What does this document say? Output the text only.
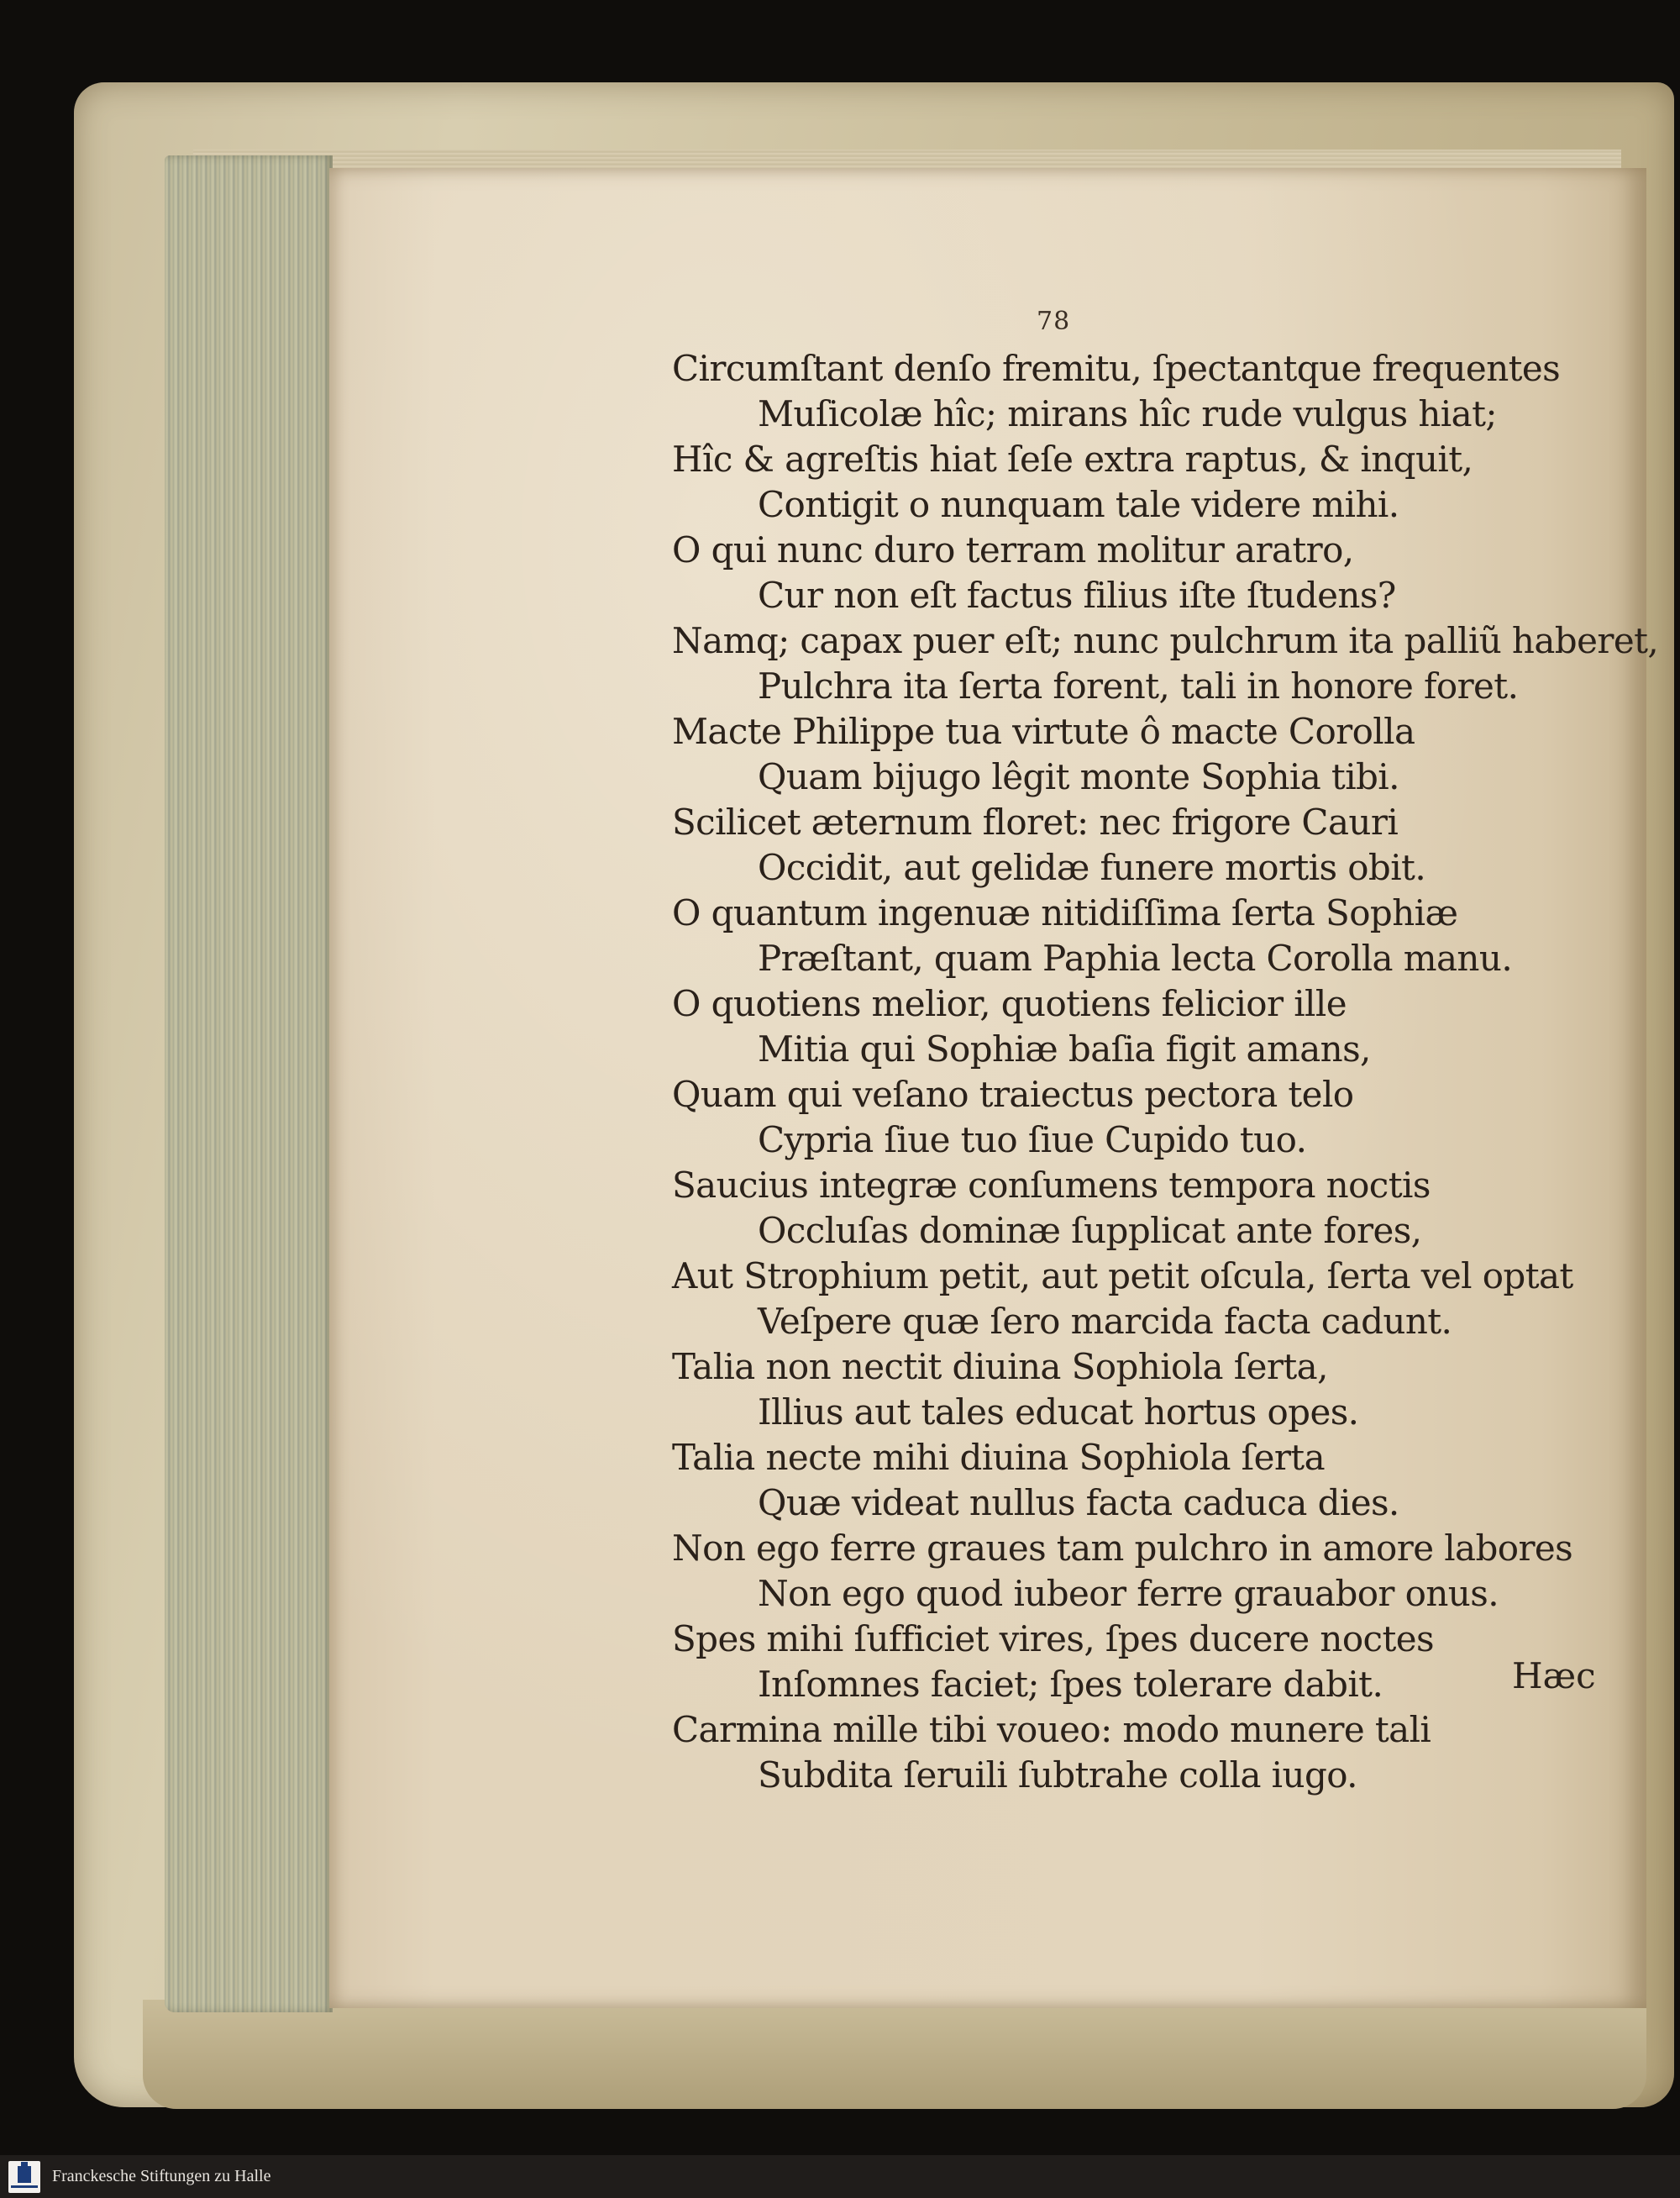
78
Circumſtant denſo fremitu, ſpectantque frequentes
Muſicolæ hîc; mirans hîc rude vulgus hiat;
Hîc & agreſtis hiat ſeſe extra raptus, & inquit,
Contigit o nunquam tale videre mihi.
O qui nunc duro terram molitur aratro,
Cur non eſt factus filius iſte ſtudens?
Namq; capax puer eſt; nunc pulchrum ita palliũ haberet,
Pulchra ita ſerta forent, tali in honore foret.
Macte Philippe tua virtute ô macte Corolla
Quam bijugo lêgit monte Sophia tibi.
Scilicet æternum floret: nec frigore Cauri
Occidit, aut gelidæ funere mortis obit.
O quantum ingenuæ nitidiſſima ſerta Sophiæ
Præſtant, quam Paphia lecta Corolla manu.
O quotiens melior, quotiens felicior ille
Mitia qui Sophiæ baſia figit amans,
Quam qui veſano traiectus pectora telo
Cypria ſiue tuo ſiue Cupido tuo.
Saucius integræ conſumens tempora noctis
Occluſas dominæ ſupplicat ante fores,
Aut Strophium petit, aut petit oſcula, ſerta vel optat
Veſpere quæ ſero marcida facta cadunt.
Talia non nectit diuina Sophiola ſerta,
Illius aut tales educat hortus opes.
Talia necte mihi diuina Sophiola ſerta
Quæ videat nullus facta caduca dies.
Non ego ferre graues tam pulchro in amore labores
Non ego quod iubeor ferre grauabor onus.
Spes mihi ſufficiet vires, ſpes ducere noctes
Inſomnes faciet; ſpes tolerare dabit.
Carmina mille tibi voueo: modo munere tali
Subdita ſeruili ſubtrahe colla iugo.
Hæc
Franckesche Stiftungen zu Halle
